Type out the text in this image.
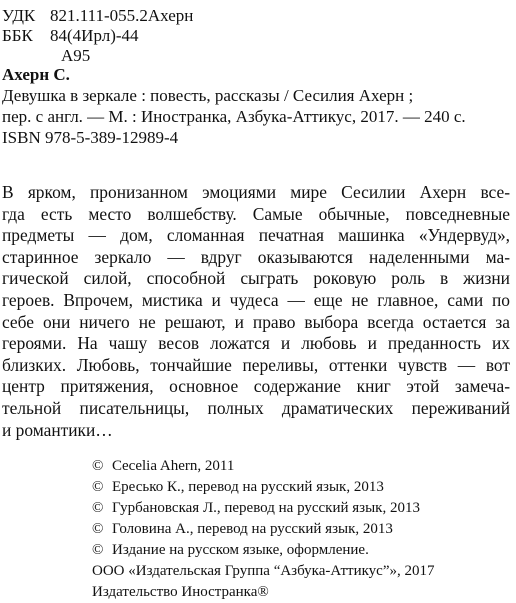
УДК 821.111-055.2Ахерн
ББК	84(4Ирл)-44
А95
Ахерн С.
Девушка в зеркале : повесть, рассказы / Сесилия Ахерн ;
пер. с англ. — М. : Иностранка, Азбука-Аттикус, 2017. — 240 с.
ISBN 978-5-389-12989-4
В ярком, пронизанном эмоциями мире Сесилии Ахерн все-
гда есть место волшебству. Самые обычные, повседневные
предметы — дом, сломанная печатная машинка «Ундервуд»,
старинное зеркало — вдруг оказываются наделенными ма-
гической силой, способной сыграть роковую роль в жизни
героев. Впрочем, мистика и чудеса — еще не главное, сами по
себе они ничего не решают, и право выбора всегда остается за
героями. На чашу весов ложатся и любовь и преданность их
близких. Любовь, тончайшие переливы, оттенки чувств — вот
центр притяжения, основное содержание книг этой замеча-
тельной писательницы, полных драматических переживаний
и романтики…
© Cecelia Ahern, 2011
© Ересько К., перевод на русский язык, 2013
© Гурбановская Л., перевод на русский язык, 2013
© Головина А., перевод на русский язык, 2013
© Издание на русском языке, оформление.
ООО «Издательская Группа “Азбука-Аттикус”», 2017
Издательство Иностранка®
